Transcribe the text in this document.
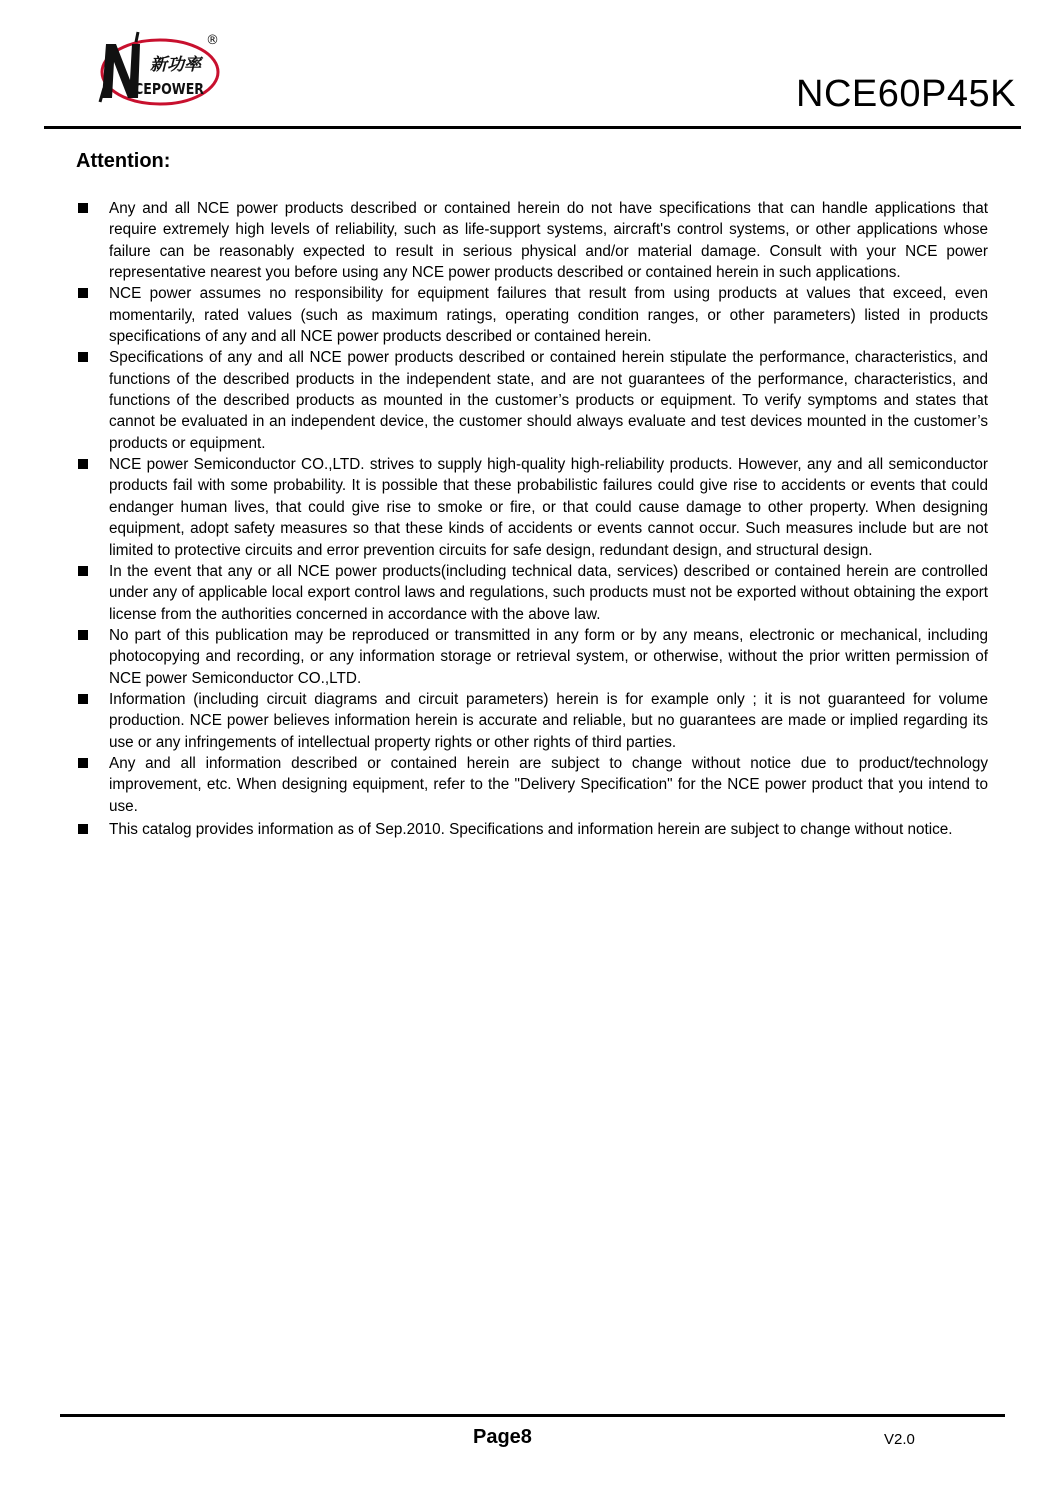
新功率
CEPOWER
®
NCE60P45K
Attention:
Any and all NCE power products described or contained herein do not have specifications that can handle applications that require extremely high levels of reliability, such as life-support systems, aircraft's control systems, or other applications whose failure can be reasonably expected to result in serious physical and/or material damage. Consult with your NCE power representative nearest you before using any NCE power products described or contained herein in such applications.
NCE power assumes no responsibility for equipment failures that result from using products at values that exceed, even momentarily, rated values (such as maximum ratings, operating condition ranges, or other parameters) listed in products specifications of any and all NCE power products described or contained herein.
Specifications of any and all NCE power products described or contained herein stipulate the performance, characteristics, and functions of the described products in the independent state, and are not guarantees of the performance, characteristics, and functions of the described products as mounted in the customer’s products or equipment. To verify symptoms and states that cannot be evaluated in an independent device, the customer should always evaluate and test devices mounted in the customer’s products or equipment.
NCE power Semiconductor CO.,LTD. strives to supply high-quality high-reliability products. However, any and all semiconductor products fail with some probability. It is possible that these probabilistic failures could give rise to accidents or events that could endanger human lives, that could give rise to smoke or fire, or that could cause damage to other property. When designing equipment, adopt safety measures so that these kinds of accidents or events cannot occur. Such measures include but are not limited to protective circuits and error prevention circuits for safe design, redundant design, and structural design.
In the event that any or all NCE power products(including technical data, services) described or contained herein are controlled under any of applicable local export control laws and regulations, such products must not be exported without obtaining the export license from the authorities concerned in accordance with the above law.
No part of this publication may be reproduced or transmitted in any form or by any means, electronic or mechanical, including photocopying and recording, or any information storage or retrieval system, or otherwise, without the prior written permission of NCE power Semiconductor CO.,LTD.
Information (including circuit diagrams and circuit parameters) herein is for example only ; it is not guaranteed for volume production. NCE power believes information herein is accurate and reliable, but no guarantees are made or implied regarding its use or any infringements of intellectual property rights or other rights of third parties.
Any and all information described or contained herein are subject to change without notice due to product/technology improvement, etc. When designing equipment, refer to the "Delivery Specification" for the NCE power product that you intend to use.
This catalog provides information as of Sep.2010. Specifications and information herein are subject to change without notice.
Page8	V2.0
